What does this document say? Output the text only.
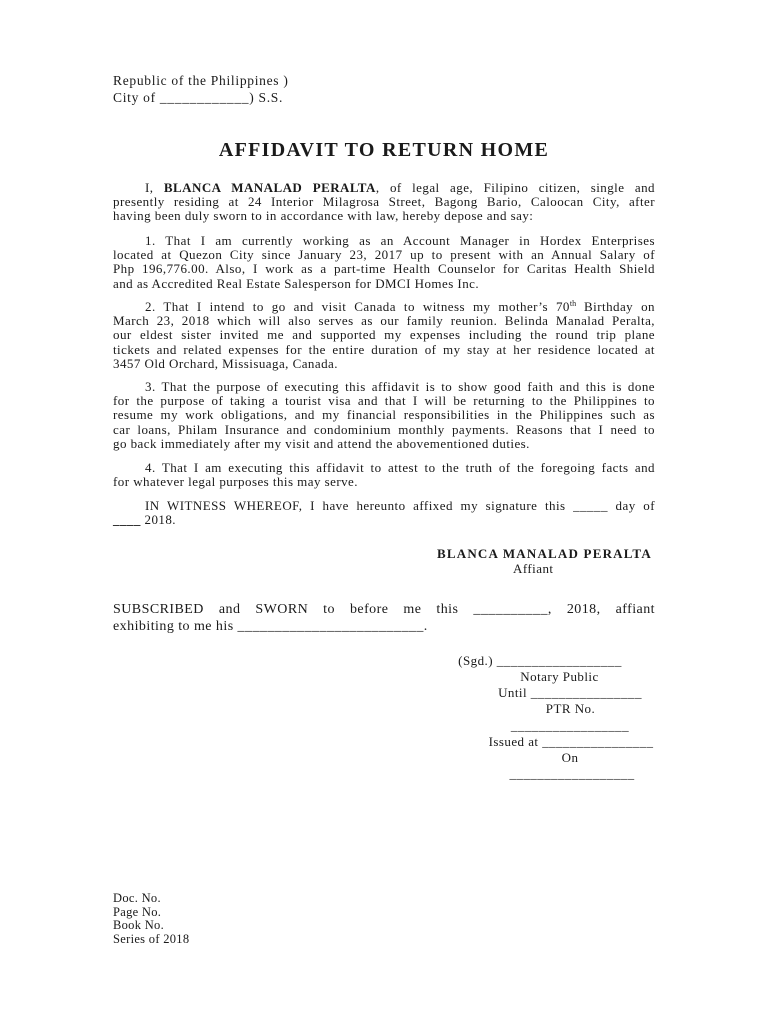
Republic of the Philippines )
City of ____________) S.S.
AFFIDAVIT TO RETURN HOME
I, BLANCA MANALAD PERALTA, of legal age, Filipino citizen, single and
presently residing at 24 Interior Milagrosa Street, Bagong Bario, Caloocan City, after
having been duly sworn to in accordance with law, hereby depose and say:
1. That I am currently working as an Account Manager in Hordex Enterprises
located at Quezon City since January 23, 2017 up to present with an Annual Salary of
Php 196,776.00. Also, I work as a part-time Health Counselor for Caritas Health Shield
and as Accredited Real Estate Salesperson for DMCI Homes Inc.
2. That I intend to go and visit Canada to witness my mother’s 70th Birthday on
March 23, 2018 which will also serves as our family reunion. Belinda Manalad Peralta,
our eldest sister invited me and supported my expenses including the round trip plane
tickets and related expenses for the entire duration of my stay at her residence located at
3457 Old Orchard, Missisuaga, Canada.
3. That the purpose of executing this affidavit is to show good faith and this is done
for the purpose of taking a tourist visa and that I will be returning to the Philippines to
resume my work obligations, and my financial responsibilities in the Philippines such as
car loans, Philam Insurance and condominium monthly payments. Reasons that I need to
go back immediately after my visit and attend the abovementioned duties.
4. That I am executing this affidavit to attest to the truth of the foregoing facts and
for whatever legal purposes this may serve.
IN WITNESS WHEREOF, I have hereunto affixed my signature this _____ day of
____ 2018.
BLANCA MANALAD PERALTA
Affiant
SUBSCRIBED and SWORN to before me this __________, 2018, affiant
exhibiting to me his _________________________.
(Sgd.) __________________
Notary Public
Until ________________
PTR No.
_________________
Issued at ________________
On
__________________
Doc. No.
Page No.
Book No.
Series of 2018
